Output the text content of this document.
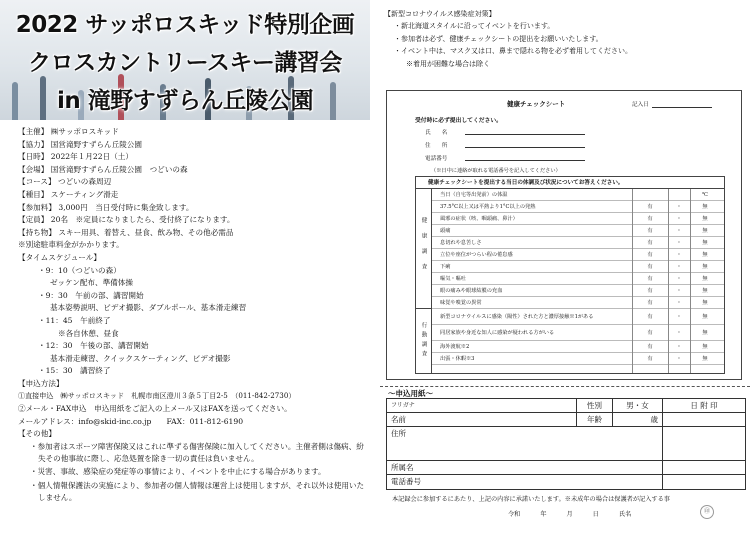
2022 サッポロスキッド特別企画
クロスカントリースキー講習会
in 滝野すずらん丘陵公園
【主催】 ㈱サッポロスキッド
【協力】 国営滝野すずらん丘陵公園
【日時】 2022年１月22日（土）
【会場】 国営滝野すずらん丘陵公園　つどいの森
【コース】 つどいの森周辺
【種目】 スケーティング滑走
【参加料】 3,000円　当日受付時に集金致します。
【定員】 20名　※定員になりましたら、受付終了になります。
【持ち物】 スキー用具、着替え、昼食、飲み物、その他必需品
※別途駐車料金がかかります。
【タイムスケジュール】
・9：10（つどいの森）
ゼッケン配布、準備体操
・9：30　午前の部、講習開始
基本姿勢説明、ビデオ撮影、ダブルポール、基本滑走練習
・11：45　午前終了
※各自休憩、昼食
・12：30　午後の部、講習開始
基本滑走練習、クイックスケーティング、ビデオ撮影
・15：30　講習終了
【申込方法】
①直接申込　㈱サッポロスキッド　札幌市南区澄川３条５丁目2-5　（011-842-2730）
②メール・FAX申込　申込用紙をご記入の上メール又はFAXを送ってください。
メールアドレス：info@skid-inc.co.jp　　FAX：011-812-6190
【その他】
・参加者はスポーツ障害保険又はこれに準ずる傷害保険に加入してください。主催者側は傷病、紛失その他事故に際し、応急処置を除き一切の責任は負いません。
・災害、事故、感染症の発症等の事情により、イベントを中止にする場合があります。
・個人情報保護法の実施により、参加者の個人情報は運営上は使用しますが、それ以外は使用いたしません。
【新型コロナウイルス感染症対策】
・新北海道スタイルに沿ってイベントを行います。
・参加者は必ず、健康チェックシートの提出をお願いいたします。
・イベント中は、マスク又は口、鼻まで隠れる物を必ず着用してください。
※着用が困難な場合は除く
健康チェックシート	記入日
受付時に必ず提出してください。
氏　　名
住　　所
電話番号
（※日中に連絡が取れる電話番号を記入してください）
健康チェックシートを提出する当日の体調及び状況についてお答えください。
健康調査
行動調査
当日（自宅等出発前）の体温	℃
37.5°C以上又は平熱より1°C以上の発熱	有	・	無
風邪の症状（咳、咽頭痛、鼻汁）	有	・	無
頭痛	有	・	無
息切れや息苦しさ	有	・	無
立位や座位がつらい程の倦怠感	有	・	無
下痢	有	・	無
嘔気・嘔吐	有	・	無
眼の痛みや眼球結膜の充血	有	・	無
味覚や嗅覚の異常	有	・	無
新型コロナウイルスに感染（陽性）された方と濃厚接触※1がある	有	・	無
同居家族や身近な知人に感染が疑われる方がいる	有	・	無
海外渡航※2	有	・	無
出張・休暇※3	有	・	無
～申込用紙～
フリガナ	性別	男・女	日 附 印
名前	年齢	歳
住所
所属名
電話番号
本記録会に参加するにあたり、上記の内容に承諾いたします。※未成年の場合は保護者が記入する事
令和	年	月	日	氏名	㊞
